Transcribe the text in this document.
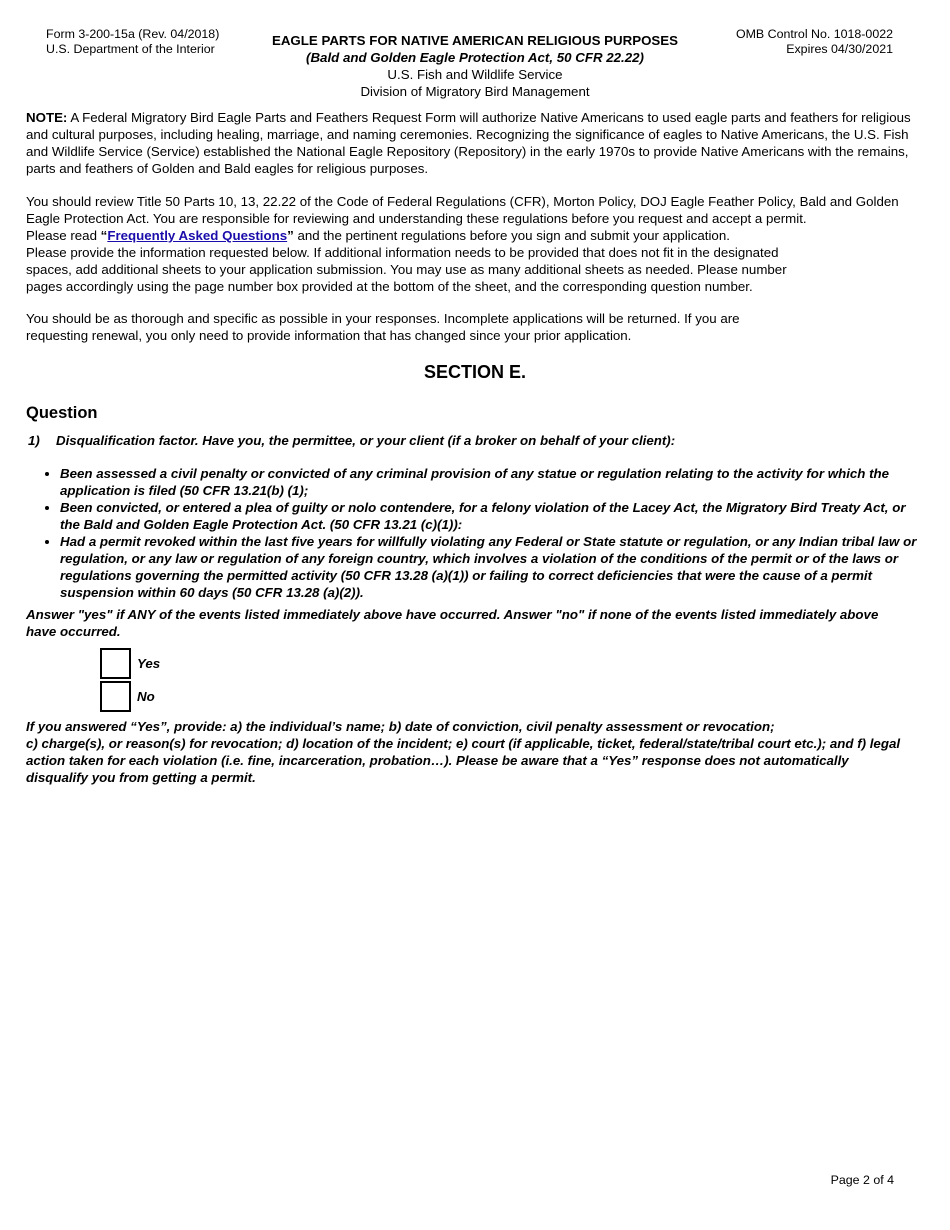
Form 3-200-15a (Rev. 04/2018)
U.S. Department of the Interior
EAGLE PARTS FOR NATIVE AMERICAN RELIGIOUS PURPOSES
(Bald and Golden Eagle Protection Act, 50 CFR 22.22)
U.S. Fish and Wildlife Service
Division of Migratory Bird Management
OMB Control No. 1018-0022
Expires 04/30/2021
NOTE: A Federal Migratory Bird Eagle Parts and Feathers Request Form will authorize Native Americans to used eagle parts and feathers for religious and cultural purposes, including healing, marriage, and naming ceremonies. Recognizing the significance of eagles to Native Americans, the U.S. Fish and Wildlife Service (Service) established the National Eagle Repository (Repository) in the early 1970s to provide Native Americans with the remains, parts and feathers of Golden and Bald eagles for religious purposes.
You should review Title 50 Parts 10, 13, 22.22 of the Code of Federal Regulations (CFR), Morton Policy, DOJ Eagle Feather Policy, Bald and Golden Eagle Protection Act. You are responsible for reviewing and understanding these regulations before you request and accept a permit.
Please read “Frequently Asked Questions” and the pertinent regulations before you sign and submit your application.
Please provide the information requested below. If additional information needs to be provided that does not fit in the designated spaces, add additional sheets to your application submission. You may use as many additional sheets as needed. Please number pages accordingly using the page number box provided at the bottom of the sheet, and the corresponding question number.
You should be as thorough and specific as possible in your responses. Incomplete applications will be returned. If you are
requesting renewal, you only need to provide information that has changed since your prior application.
SECTION E.
Question
1) Disqualification factor. Have you, the permittee, or your client (if a broker on behalf of your client):
• Been assessed a civil penalty or convicted of any criminal provision of any statue or regulation relating to the activity for which the application is filed (50 CFR 13.21(b) (1);
• Been convicted, or entered a plea of guilty or nolo contendere, for a felony violation of the Lacey Act, the Migratory Bird Treaty Act, or the Bald and Golden Eagle Protection Act. (50 CFR 13.21 (c)(1)):
• Had a permit revoked within the last five years for willfully violating any Federal or State statute or regulation, or any Indian tribal law or regulation, or any law or regulation of any foreign country, which involves a violation of the conditions of the permit or of the laws or regulations governing the permitted activity (50 CFR 13.28 (a)(1)) or failing to correct deficiencies that were the cause of a permit suspension within 60 days (50 CFR 13.28 (a)(2)).
Answer "yes" if ANY of the events listed immediately above have occurred. Answer "no" if none of the events listed immediately above have occurred.
Yes
No
If you answered “Yes”, provide: a) the individual’s name; b) date of conviction, civil penalty assessment or revocation;
c) charge(s), or reason(s) for revocation; d) location of the incident; e) court (if applicable, ticket, federal/state/tribal court etc.); and f) legal action taken for each violation (i.e. fine, incarceration, probation…). Please be aware that a “Yes” response does not automatically disqualify you from getting a permit.
Page 2 of 4
